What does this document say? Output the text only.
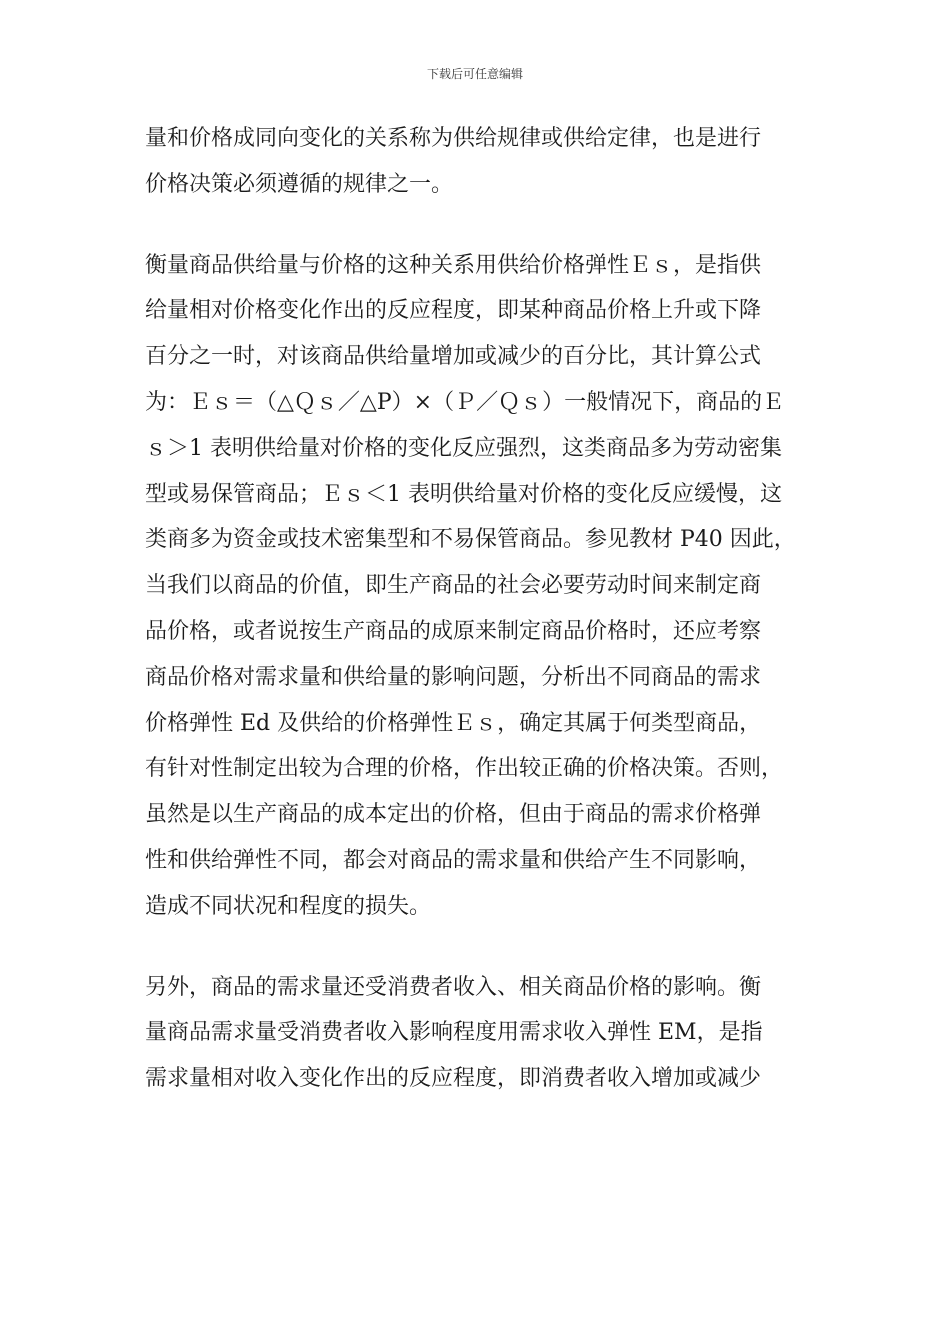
下载后可任意编辑
量和价格成同向变化的关系称为供给规律或供给定律，也是进行
价格决策必须遵循的规律之一。
衡量商品供给量与价格的这种关系用供给价格弹性Ｅｓ，是指供
给量相对价格变化作出的反应程度，即某种商品价格上升或下降
百分之一时，对该商品供给量增加或减少的百分比，其计算公式
为：Ｅｓ＝（△Ｑｓ／△P）×（Ｐ／Ｑｓ）一般情况下，商品的Ｅ
ｓ＞1 表明供给量对价格的变化反应强烈，这类商品多为劳动密集
型或易保管商品；Ｅｓ＜1 表明供给量对价格的变化反应缓慢，这
类商多为资金或技术密集型和不易保管商品。参见教材 P40 因此，
当我们以商品的价值，即生产商品的社会必要劳动时间来制定商
品价格，或者说按生产商品的成原来制定商品价格时，还应考察
商品价格对需求量和供给量的影响问题，分析出不同商品的需求
价格弹性 Ed 及供给的价格弹性Ｅｓ，确定其属于何类型商品，
有针对性制定出较为合理的价格，作出较正确的价格决策。否则，
虽然是以生产商品的成本定出的价格，但由于商品的需求价格弹
性和供给弹性不同，都会对商品的需求量和供给产生不同影响，
造成不同状况和程度的损失。
另外，商品的需求量还受消费者收入、相关商品价格的影响。衡
量商品需求量受消费者收入影响程度用需求收入弹性 EM，是指
需求量相对收入变化作出的反应程度，即消费者收入增加或减少
